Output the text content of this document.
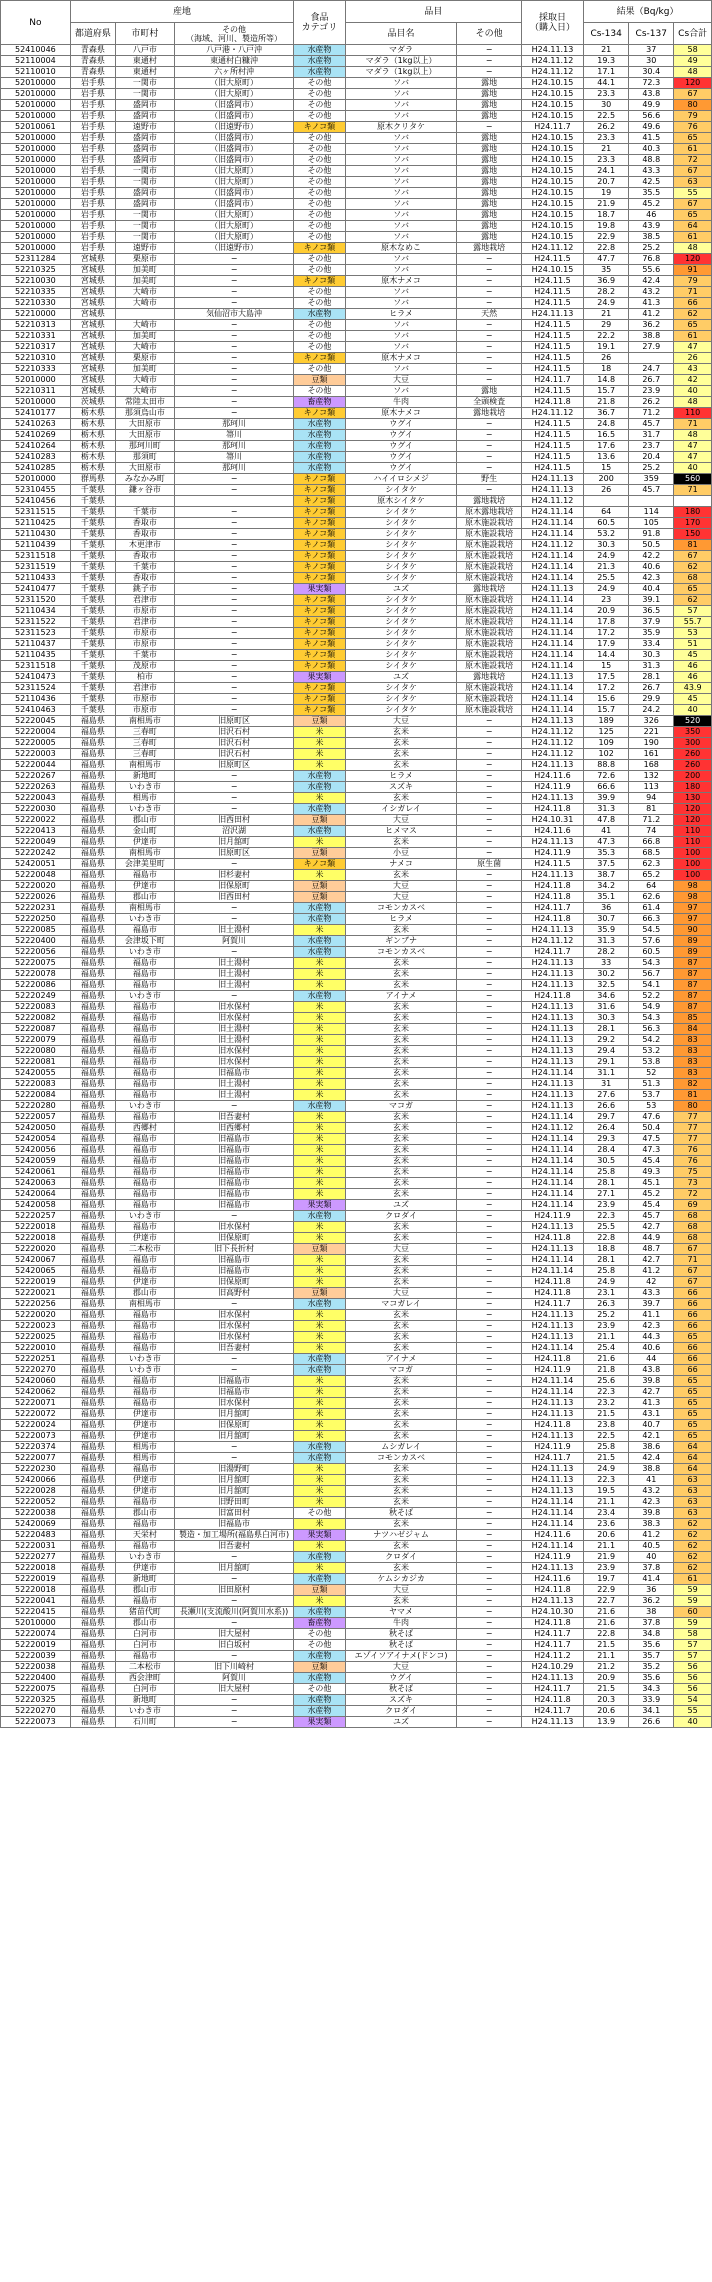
No	産地			食品
カテゴリ	品目		採取日
（購入日）	結果（Bq/kg）		
	都道府県	市町村	その他
（海域、河川、製造所等）		品目名	その他		Cs-134	Cs-137	Cs合計
52410046	青森県	八戸市	八戸港・八戸沖	水産物	マダラ	−	H24.11.13	21	37	58
52110004	青森県	東通村	東通村白糠沖	水産物	マダラ（1kg以上）	−	H24.11.12	19.3	30	49
52110010	青森県	東通村	六ヶ所村沖	水産物	マダラ（1kg以上）	−	H24.11.12	17.1	30.4	48
52010000	岩手県	一関市	（旧大原町）	その他	ソバ	露地	H24.10.15	44.1	72.3	120
52010000	岩手県	一関市	（旧大原町）	その他	ソバ	露地	H24.10.15	23.3	43.8	67
52010000	岩手県	盛岡市	（旧盛岡市）	その他	ソバ	露地	H24.10.15	30	49.9	80
52010000	岩手県	盛岡市	（旧盛岡市）	その他	ソバ	露地	H24.10.15	22.5	56.6	79
52010061	岩手県	遠野市	（旧遠野市）	キノコ類	原木クリタケ	−	H24.11.7	26.2	49.6	76
52010000	岩手県	盛岡市	（旧盛岡市）	その他	ソバ	露地	H24.10.15	23.3	41.5	65
52010000	岩手県	盛岡市	（旧盛岡市）	その他	ソバ	露地	H24.10.15	21	40.3	61
52010000	岩手県	盛岡市	（旧盛岡市）	その他	ソバ	露地	H24.10.15	23.3	48.8	72
52010000	岩手県	一関市	（旧大原町）	その他	ソバ	露地	H24.10.15	24.1	43.3	67
52010000	岩手県	一関市	（旧大原町）	その他	ソバ	露地	H24.10.15	20.7	42.5	63
52010000	岩手県	盛岡市	（旧盛岡市）	その他	ソバ	露地	H24.10.15	19	35.5	55
52010000	岩手県	盛岡市	（旧盛岡市）	その他	ソバ	露地	H24.10.15	21.9	45.2	67
52010000	岩手県	一関市	（旧大原町）	その他	ソバ	露地	H24.10.15	18.7	46	65
52010000	岩手県	一関市	（旧大原町）	その他	ソバ	露地	H24.10.15	19.8	43.9	64
52010000	岩手県	一関市	（旧大原町）	その他	ソバ	露地	H24.10.15	22.9	38.5	61
52010000	岩手県	遠野市	（旧遠野市）	キノコ類	原木なめこ	露地栽培	H24.11.12	22.8	25.2	48
52311284	宮城県	栗原市	−	その他	ソバ	−	H24.11.5	47.7	76.8	120
52210325	宮城県	加美町	−	その他	ソバ	−	H24.10.15	35	55.6	91
52210030	宮城県	加美町	−	キノコ類	原木ナメコ	−	H24.11.5	36.9	42.4	79
52210335	宮城県	大崎市	−	その他	ソバ	−	H24.11.5	28.2	43.2	71
52210330	宮城県	大崎市	−	その他	ソバ	−	H24.11.5	24.9	41.3	66
52210000	宮城県		気仙沼市大島沖	水産物	ヒラメ	天然	H24.11.13	21	41.2	62
52210313	宮城県	大崎市	−	その他	ソバ	−	H24.11.5	29	36.2	65
52210331	宮城県	加美町	−	その他	ソバ	−	H24.11.5	22.2	38.8	61
52210317	宮城県	大崎市	−	その他	ソバ	−	H24.11.5	19.1	27.9	47
52210310	宮城県	栗原市	−	キノコ類	原木ナメコ	−	H24.11.5	26		26
52210333	宮城県	加美町	−	その他	ソバ	−	H24.11.5	18	24.7	43
52010000	宮城県	大崎市	−	豆類	大豆	−	H24.11.7	14.8	26.7	42
52210311	宮城県	大崎市	−	その他	ソバ	露地	H24.11.5	15.7	23.9	40
52010000	茨城県	常陸太田市	−	畜産物	牛肉	全頭検査	H24.11.8	21.8	26.2	48
52410177	栃木県	那須烏山市	−	キノコ類	原木ナメコ	露地栽培	H24.11.12	36.7	71.2	110
52410263	栃木県	大田原市	那珂川	水産物	ウグイ	−	H24.11.5	24.8	45.7	71
52410269	栃木県	大田原市	箒川	水産物	ウグイ	−	H24.11.5	16.5	31.7	48
52410264	栃木県	那珂川町	那珂川	水産物	ウグイ	−	H24.11.5	17.6	23.7	47
52410283	栃木県	那須町	箒川	水産物	ウグイ	−	H24.11.5	13.6	20.4	47
52410285	栃木県	大田原市	那珂川	水産物	ウグイ	−	H24.11.5	15	25.2	40
52010000	群馬県	みなかみ町	−	キノコ類	ハイイロシメジ	野生	H24.11.13	200	359	560
52310455	千葉県	鎌ヶ谷市	−	キノコ類	シイタケ	−	H24.11.13	26	45.7	71
52410456	千葉県			キノコ類	原木シイタケ	露地栽培	H24.11.12			
52311515	千葉県	千葉市	−	キノコ類	シイタケ	原木露地栽培	H24.11.14	64	114	180
52110425	千葉県	香取市	−	キノコ類	シイタケ	原木施設栽培	H24.11.14	60.5	105	170
52110430	千葉県	香取市	−	キノコ類	シイタケ	原木施設栽培	H24.11.14	53.2	91.8	150
52110439	千葉県	木更津市	−	キノコ類	シイタケ	原木施設栽培	H24.11.12	30.3	50.5	81
52311518	千葉県	香取市	−	キノコ類	シイタケ	原木施設栽培	H24.11.14	24.9	42.2	67
52311519	千葉県	千葉市	−	キノコ類	シイタケ	原木施設栽培	H24.11.14	21.3	40.6	62
52110433	千葉県	香取市	−	キノコ類	シイタケ	原木施設栽培	H24.11.14	25.5	42.3	68
52410477	千葉県	銚子市	−	果実類	ユズ	露地栽培	H24.11.13	24.9	40.4	65
52311520	千葉県	君津市	−	キノコ類	シイタケ	原木施設栽培	H24.11.14	23	39.1	62
52110434	千葉県	市原市	−	キノコ類	シイタケ	原木施設栽培	H24.11.14	20.9	36.5	57
52311522	千葉県	君津市	−	キノコ類	シイタケ	原木施設栽培	H24.11.14	17.8	37.9	55.7
52311523	千葉県	市原市	−	キノコ類	シイタケ	原木施設栽培	H24.11.14	17.2	35.9	53
52110437	千葉県	市原市	−	キノコ類	シイタケ	原木施設栽培	H24.11.14	17.9	33.4	51
52110435	千葉県	千葉市	−	キノコ類	シイタケ	原木施設栽培	H24.11.14	14.4	30.3	45
52311518	千葉県	茂原市	−	キノコ類	シイタケ	原木施設栽培	H24.11.14	15	31.3	46
52410473	千葉県	柏市	−	果実類	ユズ	露地栽培	H24.11.13	17.5	28.1	46
52311524	千葉県	君津市	−	キノコ類	シイタケ	原木施設栽培	H24.11.14	17.2	26.7	43.9
52110436	千葉県	市原市	−	キノコ類	シイタケ	原木施設栽培	H24.11.14	15.6	29.9	45
52410463	千葉県	市原市	−	キノコ類	シイタケ	原木施設栽培	H24.11.14	15.7	24.2	40
52220045	福島県	南相馬市	旧原町区	豆類	大豆	−	H24.11.13	189	326	520
52220004	福島県	三春町	旧沢石村	米	玄米	−	H24.11.12	125	221	350
52220005	福島県	三春町	旧沢石村	米	玄米	−	H24.11.12	109	190	300
52220003	福島県	三春町	旧沢石村	米	玄米	−	H24.11.12	102	161	260
52220044	福島県	南相馬市	旧原町区	米	玄米	−	H24.11.13	88.8	168	260
52220267	福島県	新地町	−	水産物	ヒラメ	−	H24.11.6	72.6	132	200
52220263	福島県	いわき市	−	水産物	スズキ	−	H24.11.9	66.6	113	180
52220043	福島県	相馬市	−	米	玄米	−	H24.11.13	39.9	94	130
52220030	福島県	いわき市	−	水産物	イシガレイ	−	H24.11.8	31.3	81	120
52220022	福島県	郡山市	旧西田村	豆類	大豆	−	H24.10.31	47.8	71.2	120
52220413	福島県	金山町	沼沢湖	水産物	ヒメマス	−	H24.11.6	41	74	110
52220049	福島県	伊達市	旧月舘町	米	玄米	−	H24.11.13	47.3	66.8	110
52220242	福島県	南相馬市	旧原町区	豆類	小豆	−	H24.11.9	35.3	68.5	100
52420051	福島県	会津美里町	−	キノコ類	ナメコ	原生菌	H24.11.5	37.5	62.3	100
52220048	福島県	福島市	旧杉妻村	米	玄米	−	H24.11.13	38.7	65.2	100
52220020	福島県	伊達市	旧保原町	豆類	大豆	−	H24.11.8	34.2	64	98
52220026	福島県	郡山市	旧西田村	豆類	大豆	−	H24.11.8	35.1	62.6	98
52220231	福島県	南相馬市	−	水産物	コモンカスベ	−	H24.11.7	36	61.4	97
52220250	福島県	いわき市	−	水産物	ヒラメ	−	H24.11.8	30.7	66.3	97
52220085	福島県	福島市	旧土湯村	米	玄米	−	H24.11.13	35.9	54.5	90
52220400	福島県	会津坂下町	阿賀川	水産物	ギンブナ	−	H24.11.12	31.3	57.6	89
52220056	福島県	いわき市	−	水産物	コモンカスベ	−	H24.11.7	28.2	60.5	89
52220075	福島県	福島市	旧土湯村	米	玄米	−	H24.11.13	33	54.3	87
52220078	福島県	福島市	旧土湯村	米	玄米	−	H24.11.13	30.2	56.7	87
52220086	福島県	福島市	旧土湯村	米	玄米	−	H24.11.13	32.5	54.1	87
52220249	福島県	いわき市	−	水産物	アイナメ	−	H24.11.8	34.6	52.2	87
52220083	福島県	福島市	旧水保村	米	玄米	−	H24.11.13	31.6	54.9	87
52220082	福島県	福島市	旧水保村	米	玄米	−	H24.11.13	30.3	54.3	85
52220087	福島県	福島市	旧土湯村	米	玄米	−	H24.11.13	28.1	56.3	84
52220079	福島県	福島市	旧土湯村	米	玄米	−	H24.11.13	29.2	54.2	83
52220080	福島県	福島市	旧水保村	米	玄米	−	H24.11.13	29.4	53.2	83
52220081	福島県	福島市	旧水保村	米	玄米	−	H24.11.13	29.1	53.8	83
52420055	福島県	福島市	旧福島市	米	玄米	−	H24.11.14	31.1	52	83
52220083	福島県	福島市	旧土湯村	米	玄米	−	H24.11.13	31	51.3	82
52220084	福島県	福島市	旧土湯村	米	玄米	−	H24.11.13	27.6	53.7	81
52220280	福島県	いわき市	−	水産物	マコガ	−	H24.11.13	26.6	53	80
52220057	福島県	福島市	旧吾妻村	米	玄米	−	H24.11.14	29.7	47.6	77
52420050	福島県	西郷村	旧西郷村	米	玄米	−	H24.11.12	26.4	50.4	77
52420054	福島県	福島市	旧福島市	米	玄米	−	H24.11.14	29.3	47.5	77
52420056	福島県	福島市	旧福島市	米	玄米	−	H24.11.14	28.4	47.3	76
52420059	福島県	福島市	旧福島市	米	玄米	−	H24.11.14	30.5	45.4	76
52420061	福島県	福島市	旧福島市	米	玄米	−	H24.11.14	25.8	49.3	75
52420063	福島県	福島市	旧福島市	米	玄米	−	H24.11.14	28.1	45.1	73
52420064	福島県	福島市	旧福島市	米	玄米	−	H24.11.14	27.1	45.2	72
52420058	福島県	福島市	旧福島市	果実類	ユズ	−	H24.11.14	23.9	45.4	69
52220257	福島県	いわき市	−	水産物	クロダイ	−	H24.11.9	22.3	45.7	68
52220018	福島県	福島市	旧水保村	米	玄米	−	H24.11.13	25.5	42.7	68
52220018	福島県	伊達市	旧保原町	米	玄米	−	H24.11.8	22.8	44.9	68
52220020	福島県	二本松市	旧下長折村	豆類	大豆	−	H24.11.13	18.8	48.7	67
52420067	福島県	福島市	旧福島市	米	玄米	−	H24.11.14	28.1	42.7	71
52420065	福島県	福島市	旧福島市	米	玄米	−	H24.11.14	25.8	41.2	67
52220019	福島県	伊達市	旧保原町	米	玄米	−	H24.11.8	24.9	42	67
52220021	福島県	郡山市	旧高野村	豆類	大豆	−	H24.11.8	23.1	43.3	66
52220256	福島県	南相馬市	−	水産物	マコガレイ	−	H24.11.7	26.3	39.7	66
52220020	福島県	福島市	旧水保村	米	玄米	−	H24.11.13	25.2	41.1	66
52220023	福島県	福島市	旧水保村	米	玄米	−	H24.11.13	23.9	42.3	66
52220025	福島県	福島市	旧水保村	米	玄米	−	H24.11.13	21.1	44.3	65
52220010	福島県	福島市	旧吾妻村	米	玄米	−	H24.11.14	25.4	40.6	66
52220251	福島県	いわき市	−	水産物	アイナメ	−	H24.11.8	21.6	44	66
52220270	福島県	いわき市	−	水産物	マコガ	−	H24.11.9	21.8	43.8	66
52420060	福島県	福島市	旧福島市	米	玄米	−	H24.11.14	25.6	39.8	65
52420062	福島県	福島市	旧福島市	米	玄米	−	H24.11.14	22.3	42.7	65
52220071	福島県	福島市	旧水保村	米	玄米	−	H24.11.13	23.2	41.3	65
52220072	福島県	伊達市	旧月舘町	米	玄米	−	H24.11.13	21.5	43.1	65
52220024	福島県	伊達市	旧保原町	米	玄米	−	H24.11.8	23.8	40.7	65
52220073	福島県	伊達市	旧月舘町	米	玄米	−	H24.11.13	22.5	42.1	65
52220374	福島県	相馬市	−	水産物	ムシガレイ	−	H24.11.9	25.8	38.6	64
52220077	福島県	相馬市	−	水産物	コモンカスベ	−	H24.11.7	21.5	42.4	64
52220230	福島県	福島市	旧湯野町	米	玄米	−	H24.11.13	24.9	38.8	64
52420066	福島県	伊達市	旧月舘町	米	玄米	−	H24.11.13	22.3	41	63
52220028	福島県	伊達市	旧月舘町	米	玄米	−	H24.11.13	19.5	43.2	63
52220052	福島県	福島市	旧野田町	米	玄米	−	H24.11.14	21.1	42.3	63
52220038	福島県	郡山市	旧富田村	その他	秋そば	−	H24.11.14	23.4	39.8	63
52420069	福島県	福島市	旧福島市	米	玄米	−	H24.11.14	23.6	38.3	62
52220483	福島県	天栄村	製造・加工場所(福島県白河市)	果実類	ナツハゼジャム	−	H24.11.6	20.6	41.2	62
52220031	福島県	福島市	旧吾妻村	米	玄米	−	H24.11.14	21.1	40.5	62
52220277	福島県	いわき市	−	水産物	クロダイ	−	H24.11.9	21.9	40	62
52220018	福島県	伊達市	旧月舘町	米	玄米	−	H24.11.13	23.9	37.8	62
52220019	福島県	新地町	−	水産物	ケムシカジカ	−	H24.11.6	19.7	41.4	61
52220018	福島県	郡山市	旧田原村	豆類	大豆	−	H24.11.8	22.9	36	59
52220041	福島県	福島市	−	米	玄米	−	H24.11.13	22.7	36.2	59
52220415	福島県	猪苗代町	長瀬川(支流酸川(阿賀川水系))	水産物	ヤマメ	−	H24.10.30	21.6	38	60
52010000	福島県	郡山市	−	畜産物	牛肉	−	H24.11.8	21.6	37.8	59
52220074	福島県	白河市	旧大屋村	その他	秋そば	−	H24.11.7	22.8	34.8	58
52220019	福島県	白河市	旧白坂村	その他	秋そば	−	H24.11.7	21.5	35.6	57
52220039	福島県	福島市	−	水産物	エゾイソアイナメ(ドンコ)	−	H24.11.2	21.1	35.7	57
52220038	福島県	二本松市	旧下川崎村	豆類	大豆	−	H24.10.29	21.2	35.2	56
52220400	福島県	西会津町	阿賀川	水産物	ウグイ	−	H24.11.13	20.9	35.6	56
52220075	福島県	白河市	旧大屋村	その他	秋そば	−	H24.11.7	21.5	34.3	56
52220325	福島県	新地町	−	水産物	スズキ	−	H24.11.8	20.3	33.9	54
52220270	福島県	いわき市	−	水産物	クロダイ	−	H24.11.7	20.6	34.1	55
52220073	福島県	石川町	−	果実類	ユズ	−	H24.11.13	13.9	26.6	40
